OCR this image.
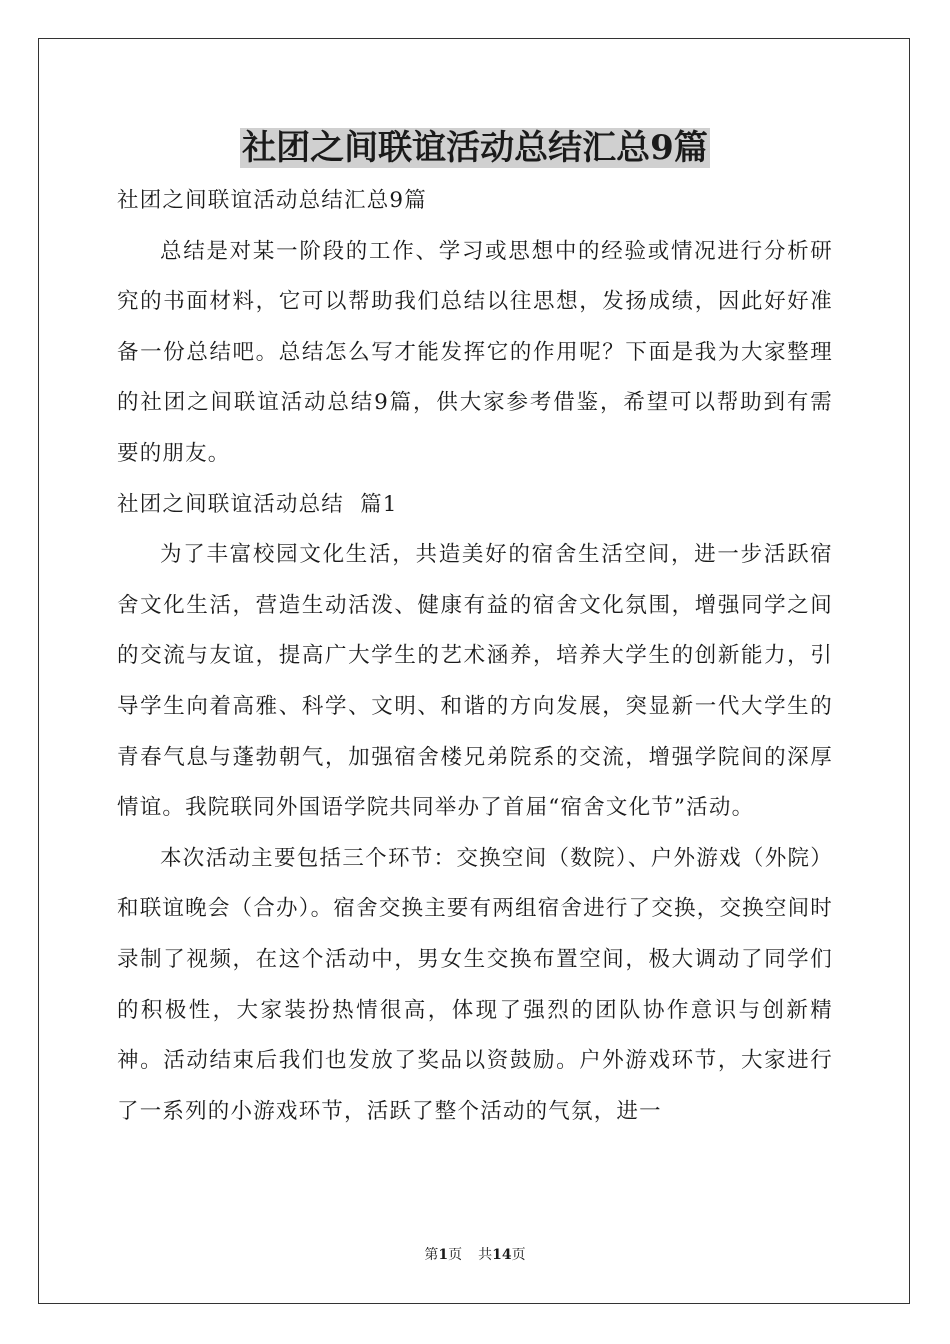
社团之间联谊活动总结汇总9篇

社团之间联谊活动总结汇总9篇

总结是对某一阶段的工作、学习或思想中的经验或情况进行分析研究的书面材料，它可以帮助我们总结以往思想，发扬成绩，因此好好准备一份总结吧。总结怎么写才能发挥它的作用呢？下面是我为大家整理的社团之间联谊活动总结9篇，供大家参考借鉴，希望可以帮助到有需要的朋友。

社团之间联谊活动总结  篇1

为了丰富校园文化生活，共造美好的宿舍生活空间，进一步活跃宿舍文化生活，营造生动活泼、健康有益的宿舍文化氛围，增强同学之间的交流与友谊，提高广大学生的艺术涵养，培养大学生的创新能力，引导学生向着高雅、科学、文明、和谐的方向发展，突显新一代大学生的青春气息与蓬勃朝气，加强宿舍楼兄弟院系的交流，增强学院间的深厚情谊。我院联同外国语学院共同举办了首届“宿舍文化节”活动。

本次活动主要包括三个环节：交换空间（数院）、户外游戏（外院）和联谊晚会（合办）。宿舍交换主要有两组宿舍进行了交换，交换空间时录制了视频，在这个活动中，男女生交换布置空间，极大调动了同学们的积极性，大家装扮热情很高，体现了强烈的团队协作意识与创新精神。活动结束后我们也发放了奖品以资鼓励。户外游戏环节，大家进行了一系列的小游戏环节，活跃了整个活动的气氛，进一

第1页 共14页
